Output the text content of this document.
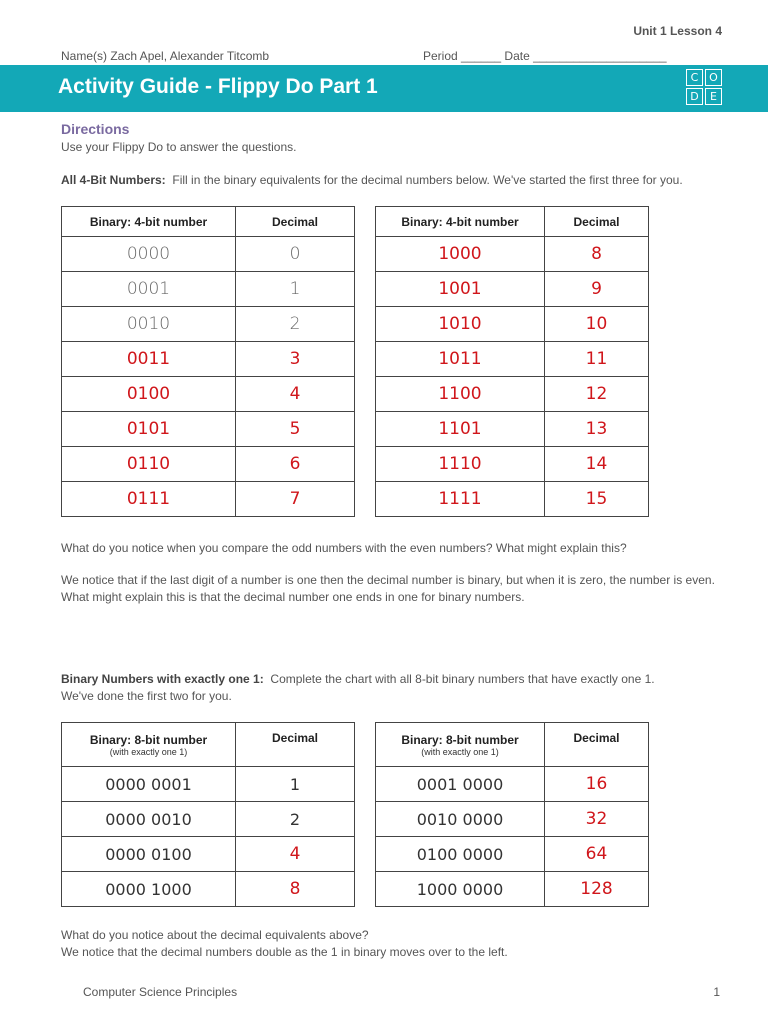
Unit 1 Lesson 4
Name(s) Zach Apel, Alexander Titcomb	Period ______ Date ____________________
Activity Guide - Flippy Do Part 1	C O
D	E
Directions
Use your Flippy Do to answer the questions.
All 4-Bit Numbers: Fill in the binary equivalents for the decimal numbers below. We've started the first three for you.
Binary: 4-bit number	Decimal
0000	0
0001	1
0010	2
0011	3
0100	4
0101	5
0110	6
0111	7
Binary: 4-bit number	Decimal
1000	8
1001	9
1010	10
1011	11
1100	12
1101	13
1110	14
1111	15
What do you notice when you compare the odd numbers with the even numbers? What might explain this?
We notice that if the last digit of a number is one then the decimal number is binary, but when it is zero, the number is even. What might explain this is that the decimal number one ends in one for binary numbers.
Binary Numbers with exactly one 1: Complete the chart with all 8-bit binary numbers that have exactly one 1.
We've done the first two for you.
Binary: 8-bit number
(with exactly one 1)	Decimal
0000 0001	1
0000 0010	2
0000 0100	4
0000 1000	8
Binary: 8-bit number
(with exactly one 1)	Decimal
0001 0000	16
0010 0000	32
0100 0000	64
1000 0000	128
What do you notice about the decimal equivalents above?
We notice that the decimal numbers double as the 1 in binary moves over to the left.
Computer Science Principles	1
